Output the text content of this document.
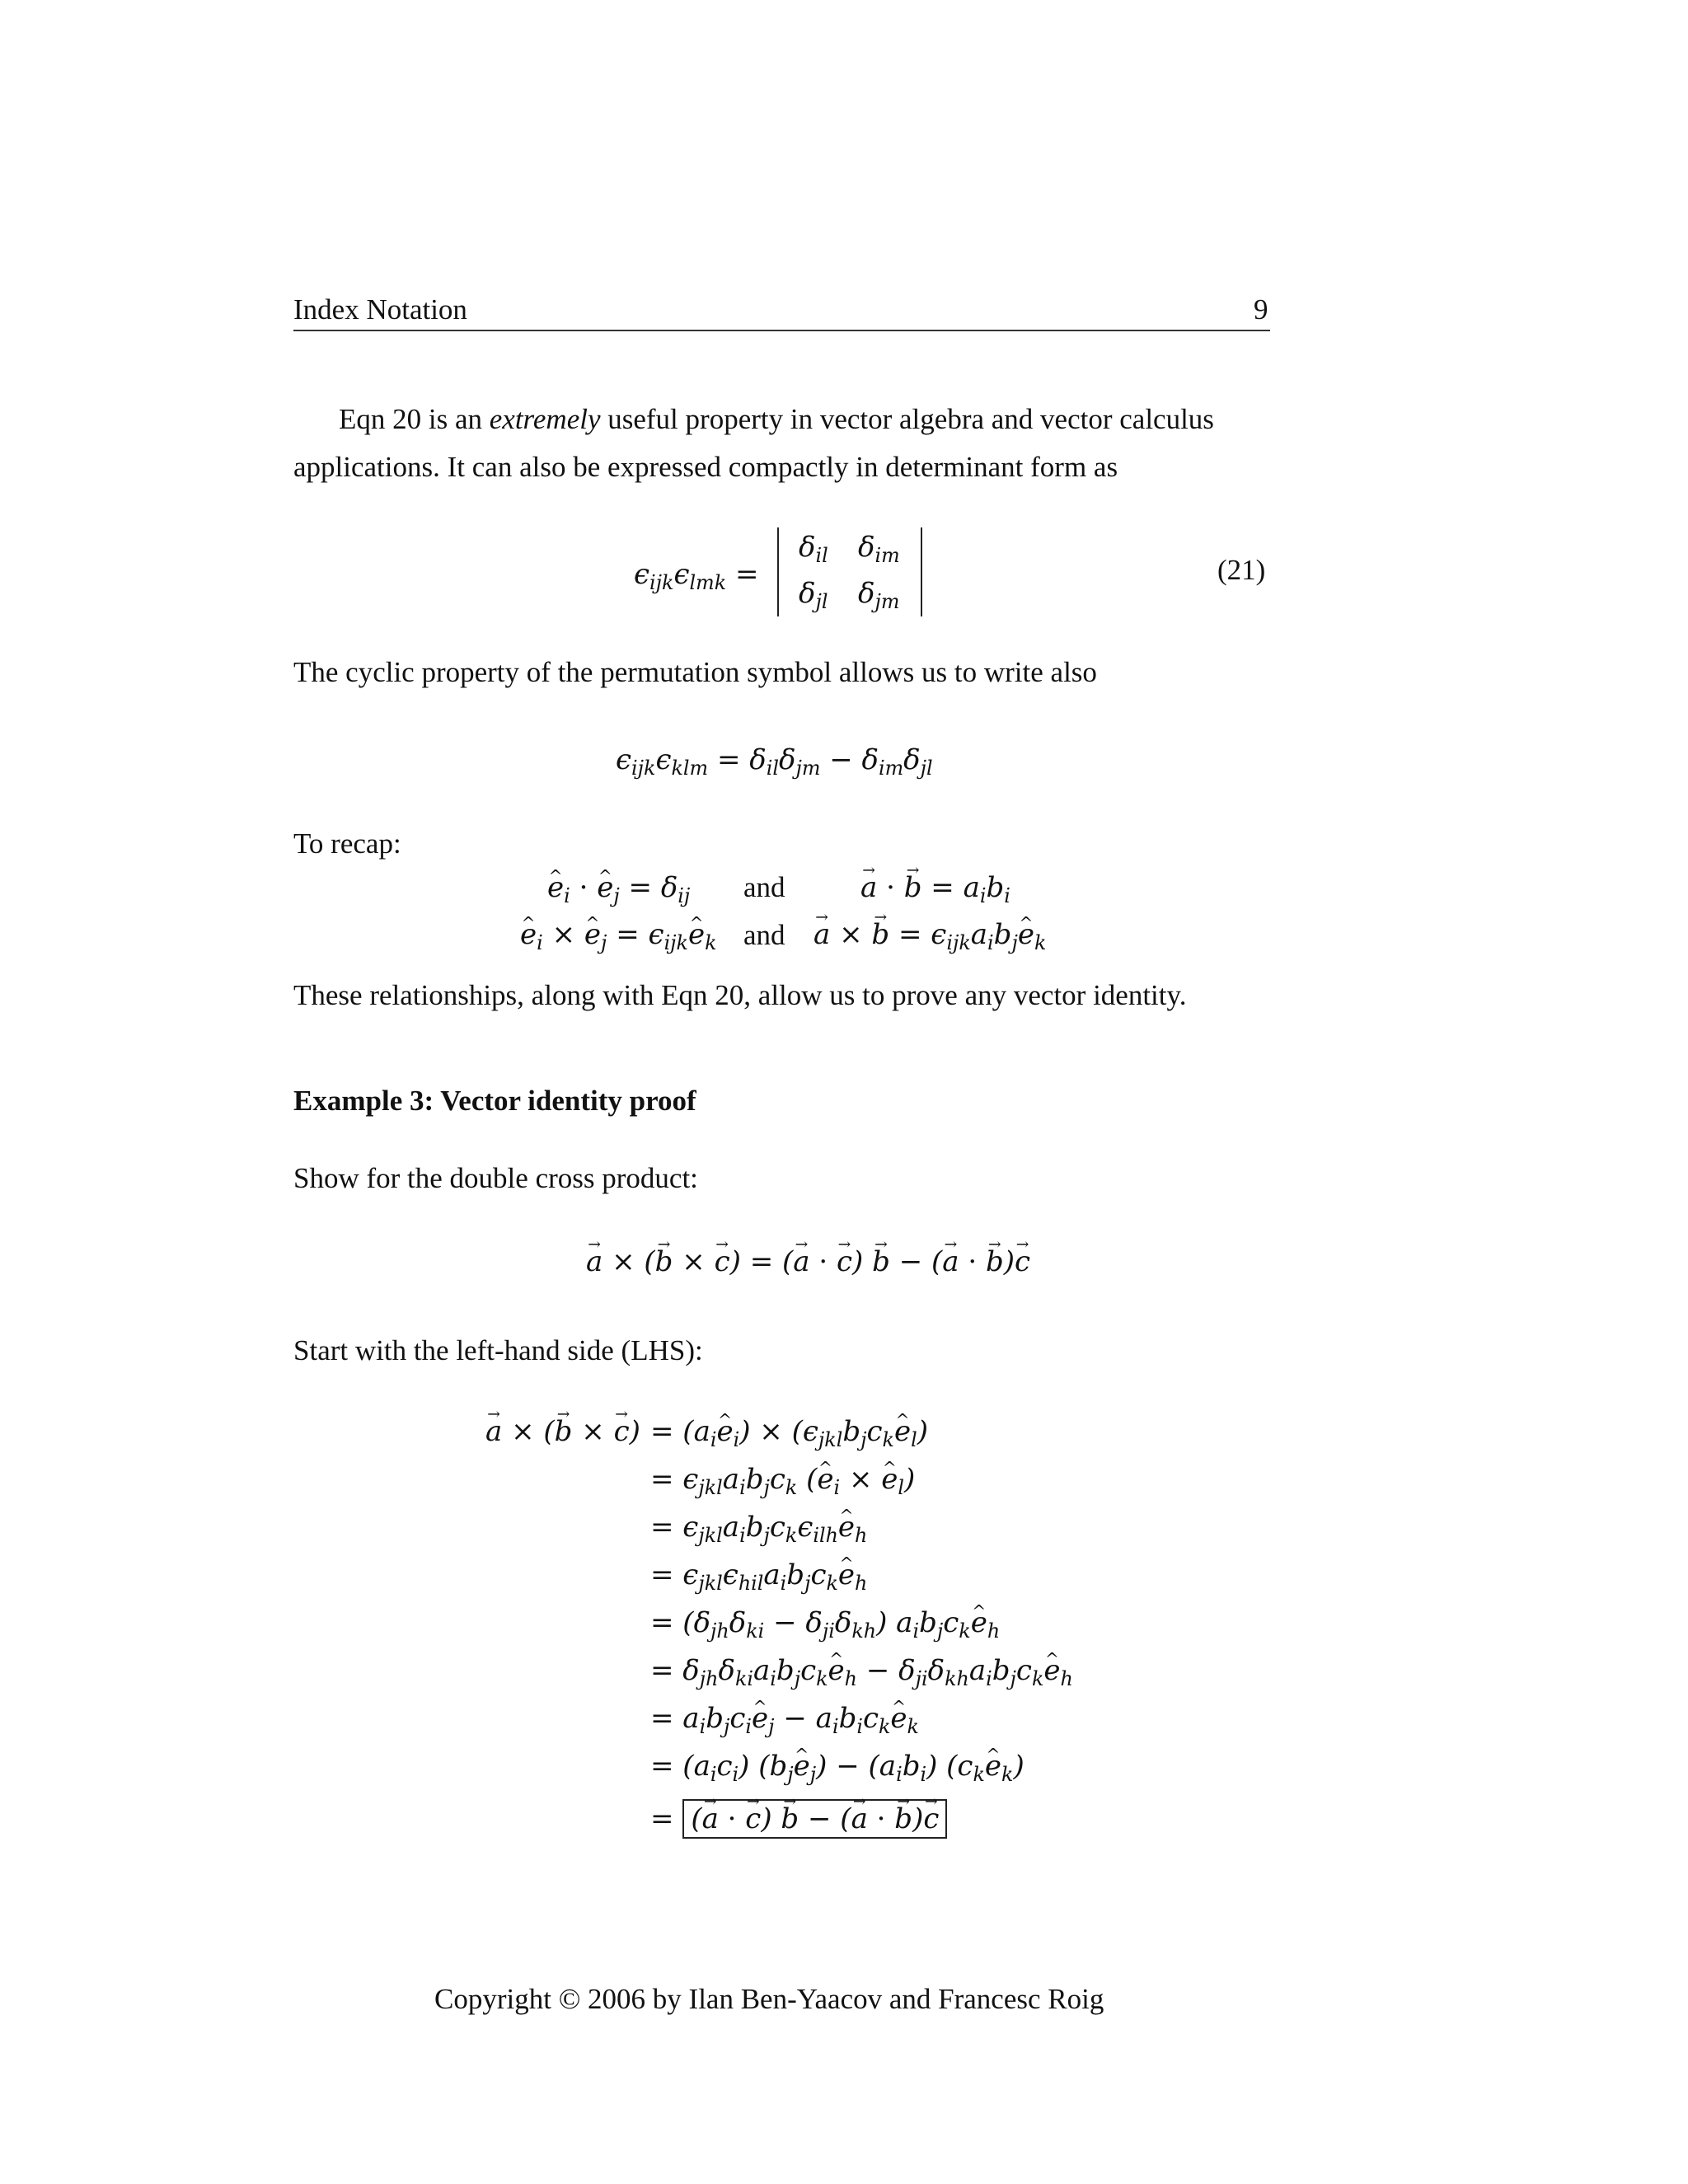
Index Notation	9
Eqn 20 is an extremely useful property in vector algebra and vector calculus
applications. It can also be expressed compactly in determinant form as
$\epsilon_{ijk}\epsilon_{lmk}$ =
$\delta_{il}$ $\delta_{im}$
$\delta_{jl}$ $\delta_{jm}$
(21)
The cyclic property of the permutation symbol allows us to write also
$\epsilon_{ijk}\epsilon_{klm} = \delta_{il}\delta_{jm} - \delta_{im}\delta_{jl}$
To recap:
e $\^{}_i \cdot e$ $\^{}_j = \delta_{ij}$ and	a → · b → = $a_ib_i$
e $\^{}_i \times e$ $\^{}_j = \epsilon_{ijk}e$ $\^{}_k$ and a → × b → = $\epsilon_{ijk}a_ib_je$ $\^{}_k$
These relationships, along with Eqn 20, allow us to prove any vector identity.
Example 3: Vector identity proof
Show for the double cross product:
a → × (b → × c →) = (a → · c →) b → − (a → · b →)c →
Start with the left-hand side (LHS):
a → × (b → × c →) = ($a_ie$ $\^{}_i) \times (\epsilon_{jkl}b_jc_ke$ $\^{}_l$)
= $\epsilon_{jkl}a_ib_jc_k$ (e $\^{}_i \times e$ $\^{}_l$)
= $\epsilon_{jkl}a_ib_jc_k\epsilon_{ilh}e$ $\^{}_h$
= $\epsilon_{jkl}\epsilon_{hil}a_ib_jc_ke$ $\^{}_h$
= $(\delta_{jh}\delta_{ki} - \delta_{ji}\delta_{kh})$ $a_ib_jc_ke$ $\^{}_h$
= $\delta_{jh}\delta_{ki}a_ib_jc_ke$ $\^{}_h - \delta_{ji}\delta_{kh}a_ib_jc_ke$ $\^{}_h$
= $a_ib_jc_ie$ $\^{}_j - a_ib_ic_ke$ $\^{}_k$
= $(a_ic_i)$ ($b_je$ $\^{}_j) - (a_ib_i)$ ($c_ke$ $\^{}_k$)
= (a → · c →) b → − (a → · b →)c →
Copyright © 2006 by Ilan Ben-Yaacov and Francesc Roig
